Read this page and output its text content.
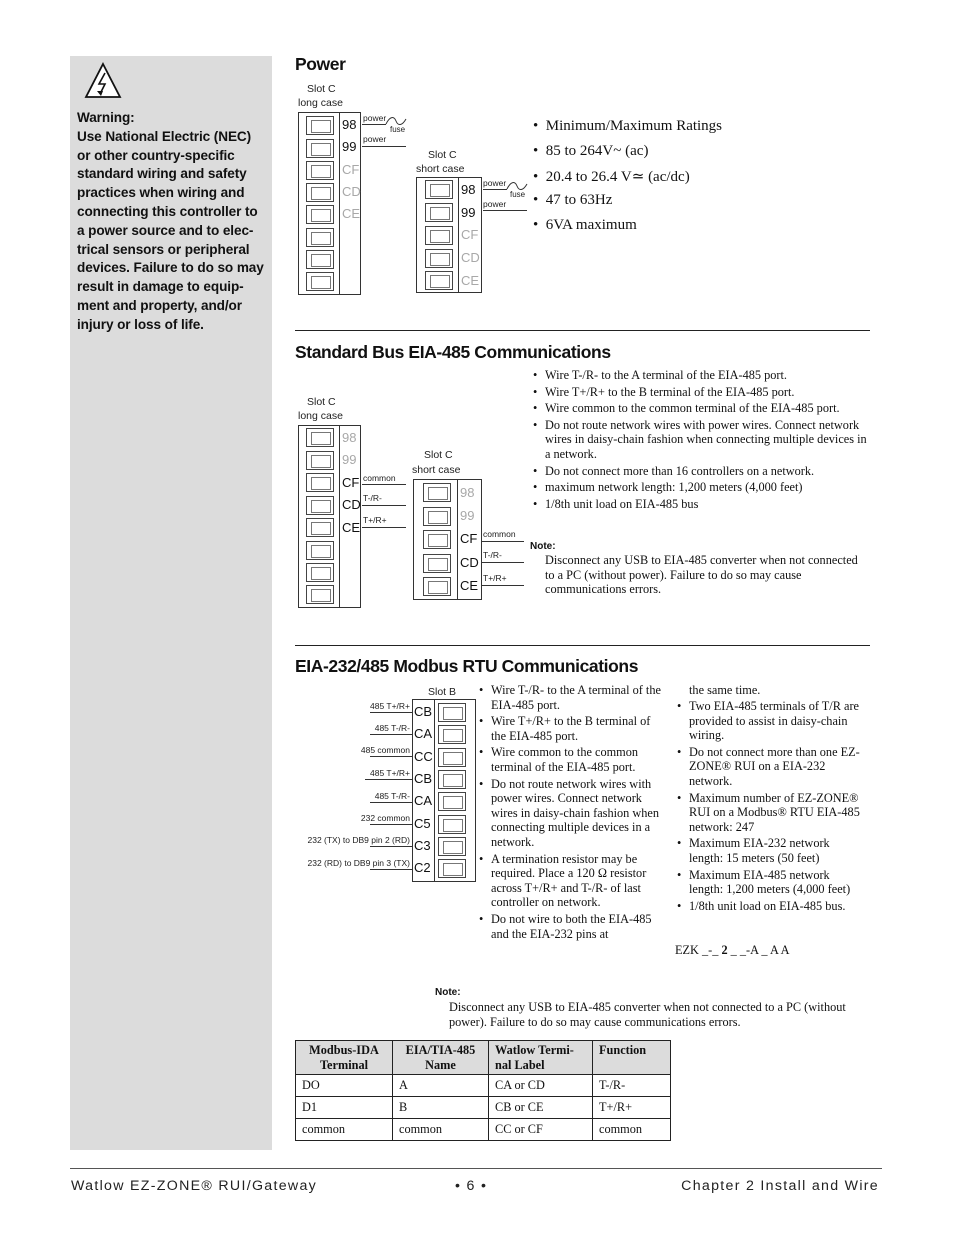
Warning:
Use National Electric (NEC)
or other country-specific
standard wiring and safety
practices when wiring and
connecting this controller to
a power source and to elec-
trical sensors or peripheral
devices. Failure to do so may
result in damage to equip-
ment and property, and/or
injury or loss of life.
Power
Slot C
long case
98
99
CF
CD
CE
power
fuse
power
Slot C
short case
98
99
CF
CD
CE
power
fuse
power
•  Minimum/Maximum Ratings
•  85 to 264V~ (ac)
•  20.4 to 26.4 V≃ (ac/dc)
•  47 to 63Hz
•  6VA maximum
Standard Bus EIA-485 Communications
Slot C
long case
98
99
CF
CD
CE
common
T-/R-
T+/R+
Slot C
short case
98
99
CF
CD
CE
common
T-/R-
T+/R+
• Wire T-/R- to the A terminal of the EIA-485 port.
• Wire T+/R+ to the B terminal of the EIA-485 port.
• Wire common to the common terminal of the EIA-485 port.
• Do not route network wires with power wires. Connect network wires in daisy-chain fashion when connecting multiple devices in a network.
• Do not connect more than 16 controllers on a network.
• maximum network length: 1,200 meters (4,000 feet)
• 1/8th unit load on EIA-485 bus
Note:
Disconnect any USB to EIA-485 converter when not connected to a PC (without power). Failure to do so may cause communications errors.
EIA-232/485 Modbus RTU Communications
Slot B
CB
CA
CC
CB
CA
C5
C3
C2
485 T+/R+
485 T-/R-
485 common
485 T+/R+
485 T-/R-
232 common
232 (TX) to DB9 pin 2 (RD)
232 (RD) to DB9 pin 3 (TX)
• Wire T-/R- to the A terminal of the EIA-485 port.
• Wire T+/R+ to the B terminal of the EIA-485 port.
• Wire common to the common terminal of the EIA-485 port.
• Do not route network wires with power wires. Connect network wires in daisy-chain fashion when connecting multiple devices in a network.
• A termination resistor may be required. Place a 120 Ω resistor across T+/R+ and T-/R- of last controller on network.
• Do not wire to both the EIA-485 and the EIA-232 pins at
the same time.
• Two EIA-485 terminals of T/R are provided to assist in daisy-chain wiring.
• Do not connect more than one EZ-ZONE® RUI on a EIA-232 network.
• Maximum number of EZ-ZONE® RUI on a Modbus® RTU EIA-485 network: 247
• Maximum EIA-232 network length: 15 meters (50 feet)
• Maximum EIA-485 network length: 1,200 meters (4,000 feet)
• 1/8th unit load on EIA-485 bus.
EZK _-_ 2 _ _-A _ A A
Note:
Disconnect any USB to EIA-485 converter when not connected to a PC (without power). Failure to do so may cause communications errors.
Modbus-IDA Terminal	EIA/TIA-485 Name	Watlow Termi-nal Label	Function
DO	A	CA or CD	T-/R-
D1	B	CB or CE	T+/R+
common	common	CC or CF	common
Watlow EZ-ZONE® RUI/Gateway	• 6 •	Chapter 2 Install and Wire
